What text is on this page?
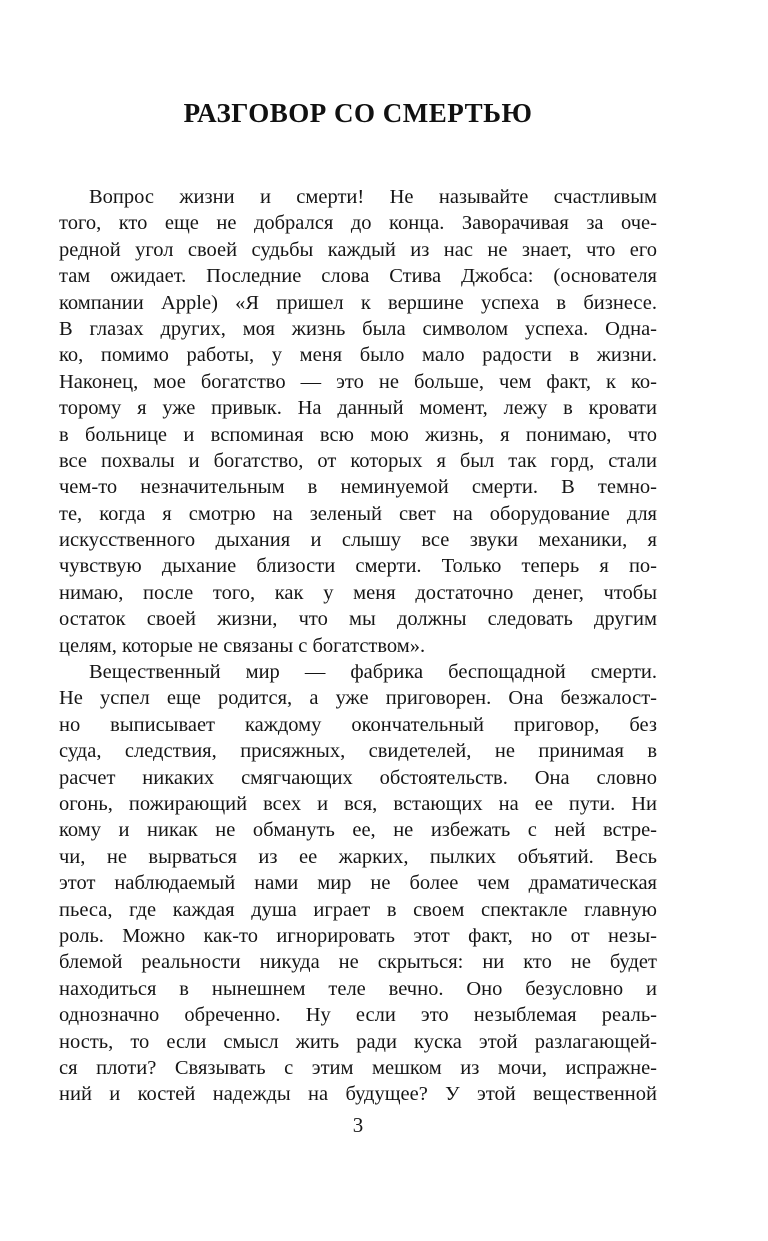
РАЗГОВОР СО СМЕРТЬЮ
Вопрос жизни и смерти! Не называйте счастливым
того, кто еще не добрался до конца. Заворачивая за оче-
редной угол своей судьбы каждый из нас не знает, что его
там ожидает. Последние слова Стива Джобса: (основателя
компании Apple) «Я пришел к вершине успеха в бизнесе.
В глазах других, моя жизнь была символом успеха. Одна-
ко, помимо работы, у меня было мало радости в жизни.
Наконец, мое богатство — это не больше, чем факт, к ко-
торому я уже привык. На данный момент, лежу в кровати
в больнице и вспоминая всю мою жизнь, я понимаю, что
все похвалы и богатство, от которых я был так горд, стали
чем-то незначительным в неминуемой смерти. В темно-
те, когда я смотрю на зеленый свет на оборудование для
искусственного дыхания и слышу все звуки механики, я
чувствую дыхание близости смерти. Только теперь я по-
нимаю, после того, как у меня достаточно денег, чтобы
остаток своей жизни, что мы должны следовать другим
целям, которые не связаны с богатством».
Вещественный мир — фабрика беспощадной смерти.
Не успел еще родится, а уже приговорен. Она безжалост-
но выписывает каждому окончательный приговор, без
суда, следствия, присяжных, свидетелей, не принимая в
расчет никаких смягчающих обстоятельств. Она словно
огонь, пожирающий всех и вся, встающих на ее пути. Ни
кому и никак не обмануть ее, не избежать с ней встре-
чи, не вырваться из ее жарких, пылких объятий. Весь
этот наблюдаемый нами мир не более чем драматическая
пьеса, где каждая душа играет в своем спектакле главную
роль. Можно как-то игнорировать этот факт, но от незы-
блемой реальности никуда не скрыться: ни кто не будет
находиться в нынешнем теле вечно. Оно безусловно и
однозначно обреченно. Ну если это незыблемая реаль-
ность, то если смысл жить ради куска этой разлагающей-
ся плоти? Связывать с этим мешком из мочи, испражне-
ний и костей надежды на будущее? У этой вещественной
3
